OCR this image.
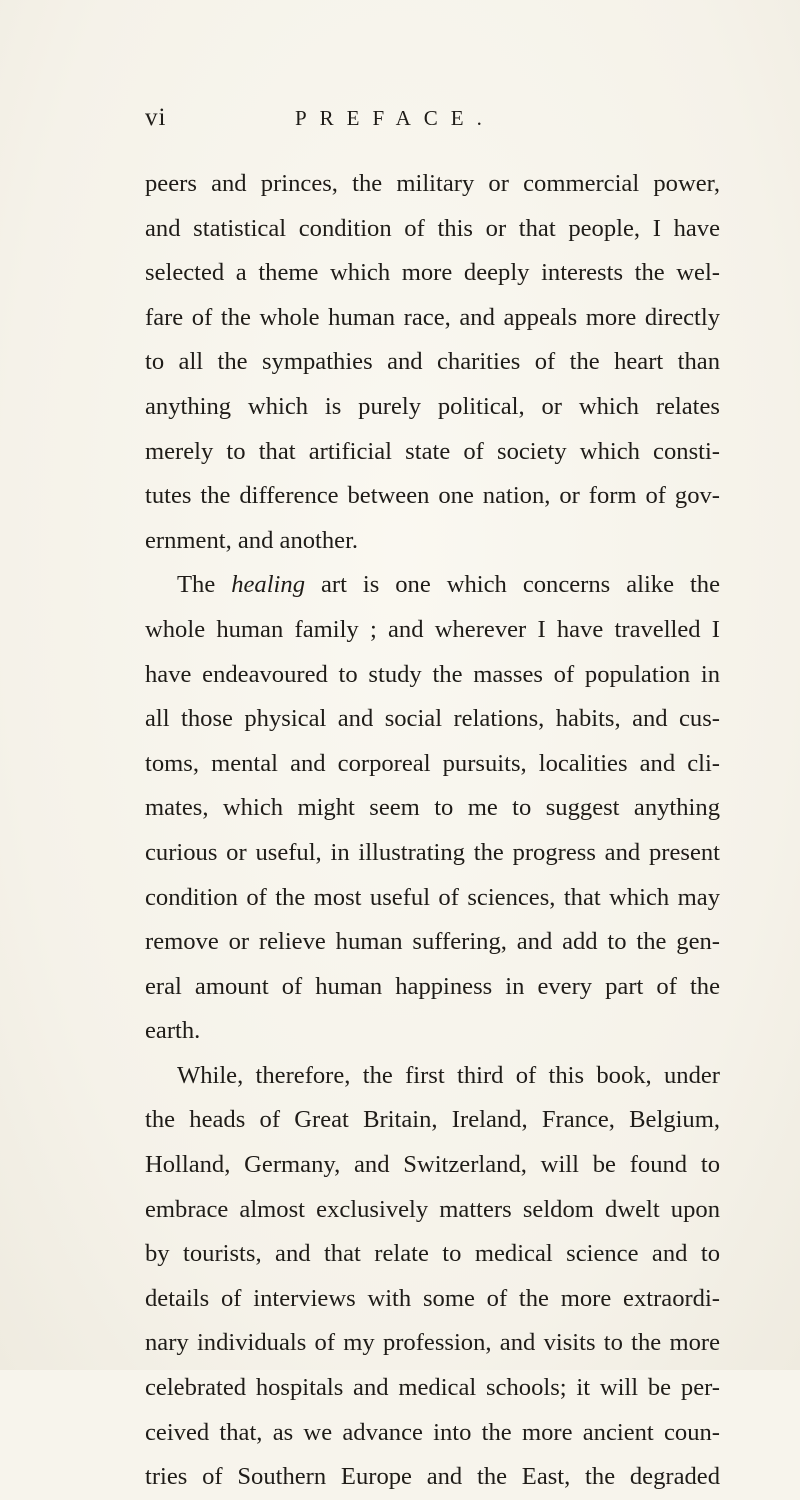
vi	PREFACE.
peers and princes, the military or commercial power,
and statistical condition of this or that people, I have
selected a theme which more deeply interests the wel-
fare of the whole human race, and appeals more directly
to all the sympathies and charities of the heart than
anything which is purely political, or which relates
merely to that artificial state of society which consti-
tutes the difference between one nation, or form of gov-
ernment, and another.
The healing art is one which concerns alike the
whole human family ; and wherever I have travelled I
have endeavoured to study the masses of population in
all those physical and social relations, habits, and cus-
toms, mental and corporeal pursuits, localities and cli-
mates, which might seem to me to suggest anything
curious or useful, in illustrating the progress and present
condition of the most useful of sciences, that which may
remove or relieve human suffering, and add to the gen-
eral amount of human happiness in every part of the
earth.
While, therefore, the first third of this book, under
the heads of Great Britain, Ireland, France, Belgium,
Holland, Germany, and Switzerland, will be found to
embrace almost exclusively matters seldom dwelt upon
by tourists, and that relate to medical science and to
details of interviews with some of the more extraordi-
nary individuals of my profession, and visits to the more
celebrated hospitals and medical schools; it will be per-
ceived that, as we advance into the more ancient coun-
tries of Southern Europe and the East, the degraded
